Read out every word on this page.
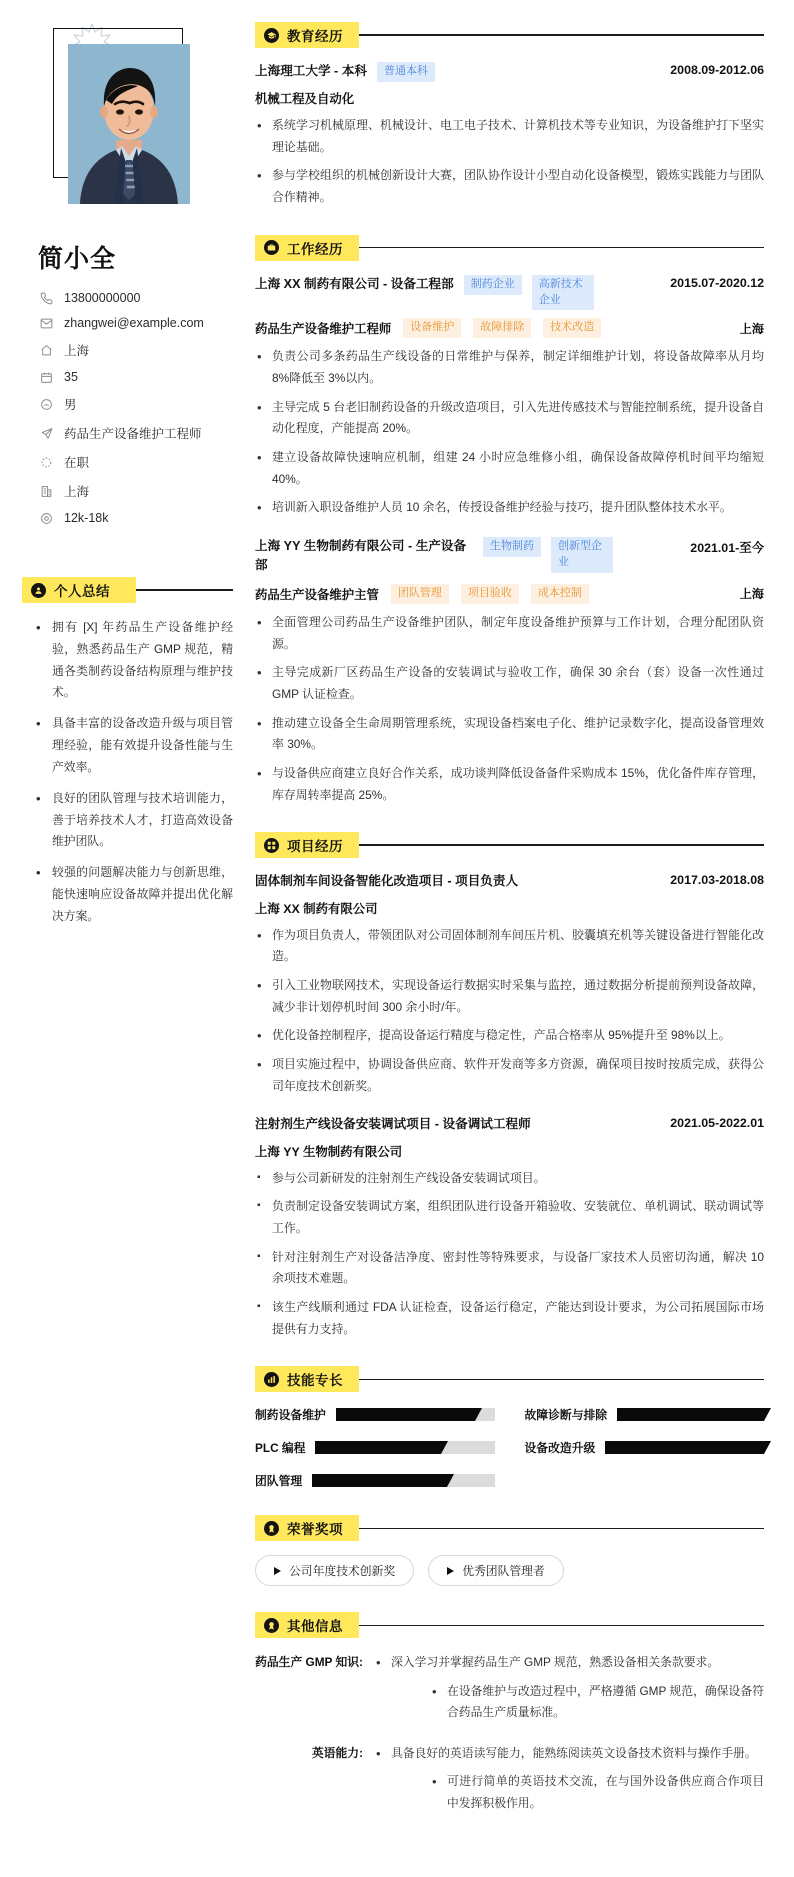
简小全
13800000000
zhangwei@example.com
上海
35
男
药品生产设备维护工程师
在职
上海
12k-18k
个人总结
• 拥有 [X] 年药品生产设备维护经验，熟悉药品生产 GMP 规范，精通各类制药设备结构原理与维护技术。
• 具备丰富的设备改造升级与项目管理经验，能有效提升设备性能与生产效率。
• 良好的团队管理与技术培训能力，善于培养技术人才，打造高效设备维护团队。
• 较强的问题解决能力与创新思维，能快速响应设备故障并提出优化解决方案。
教育经历
上海理工大学 - 本科	普通本科	2008.09-2012.06
机械工程及自动化
• 系统学习机械原理、机械设计、电工电子技术、计算机技术等专业知识，为设备维护打下坚实理论基础。
• 参与学校组织的机械创新设计大赛，团队协作设计小型自动化设备模型，锻炼实践能力与团队合作精神。
工作经历
上海 XX 制药有限公司 - 设备工程部	制药企业	高新技术企业
2015.07-2020.12
药品生产设备维护工程师	设备维护	故障排除	技术改造	上海
• 负责公司多条药品生产线设备的日常维护与保养，制定详细维护计划，将设备故障率从月均 8%降低至 3%以内。
• 主导完成 5 台老旧制药设备的升级改造项目，引入先进传感技术与智能控制系统，提升设备自动化程度，产能提高 20%。
• 建立设备故障快速响应机制，组建 24 小时应急维修小组，确保设备故障停机时间平均缩短 40%。
• 培训新入职设备维护人员 10 余名，传授设备维护经验与技巧，提升团队整体技术水平。
上海 YY 生物制药有限公司 - 生产设备部
生物制药	创新型企业
2021.01-至今
药品生产设备维护主管	团队管理	项目验收	成本控制	上海
• 全面管理公司药品生产设备维护团队，制定年度设备维护预算与工作计划，合理分配团队资源。
• 主导完成新厂区药品生产设备的安装调试与验收工作，确保 30 余台（套）设备一次性通过 GMP 认证检查。
• 推动建立设备全生命周期管理系统，实现设备档案电子化、维护记录数字化，提高设备管理效率 30%。
• 与设备供应商建立良好合作关系，成功谈判降低设备备件采购成本 15%，优化备件库存管理，库存周转率提高 25%。
项目经历
固体制剂车间设备智能化改造项目 - 项目负责人	2017.03-2018.08
上海 XX 制药有限公司
• 作为项目负责人，带领团队对公司固体制剂车间压片机、胶囊填充机等关键设备进行智能化改造。
• 引入工业物联网技术，实现设备运行数据实时采集与监控，通过数据分析提前预判设备故障，减少非计划停机时间 300 余小时/年。
• 优化设备控制程序，提高设备运行精度与稳定性，产品合格率从 95%提升至 98%以上。
• 项目实施过程中，协调设备供应商、软件开发商等多方资源，确保项目按时按质完成，获得公司年度技术创新奖。
注射剂生产线设备安装调试项目 - 设备调试工程师	2021.05-2022.01
上海 YY 生物制药有限公司
▪ 参与公司新研发的注射剂生产线设备安装调试项目。
▪ 负责制定设备安装调试方案，组织团队进行设备开箱验收、安装就位、单机调试、联动调试等工作。
▪ 针对注射剂生产对设备洁净度、密封性等特殊要求，与设备厂家技术人员密切沟通，解决 10 余项技术难题。
▪ 该生产线顺利通过 FDA 认证检查，设备运行稳定，产能达到设计要求，为公司拓展国际市场提供有力支持。
技能专长
制药设备维护	故障诊断与排除
PLC 编程	设备改造升级
团队管理
荣誉奖项
公司年度技术创新奖	优秀团队管理者
其他信息
药品生产 GMP 知识:	• 深入学习并掌握药品生产 GMP 规范，熟悉设备相关条款要求。
• 在设备维护与改造过程中，严格遵循 GMP 规范，确保设备符合药品生产质量标准。
英语能力:	• 具备良好的英语读写能力，能熟练阅读英文设备技术资料与操作手册。
• 可进行简单的英语技术交流，在与国外设备供应商合作项目中发挥积极作用。
